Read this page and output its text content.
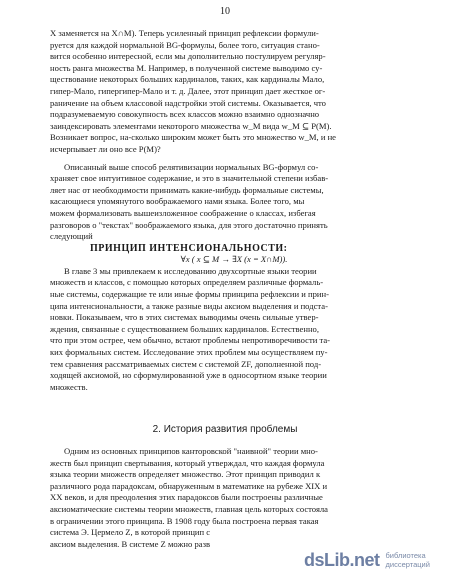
10

X заменяется на X∩M). Теперь усиленный принцип рефлексии формули-

руется для каждой нормальной BG-формулы, более того, ситуация стано-

вится особенно интересной, если мы дополнительно постулируем регуляр-

ность ранга множества M. Например, в полученной системе выводимо су-

ществование некоторых больших кардиналов, таких, как кардиналы Мало,

гипер-Мало, гипергипер-Мало и т. д. Далее, этот принцип дает жесткое ог-

раничение на объем классовой надстройки этой системы. Оказывается, что

подразумеваемую совокупность всех классов можно взаимно однозначно

заиндексировать элементами некоторого множества w_M вида w_M ⊆ P(M).

Возникает вопрос, на-сколько широким может быть это множество w_M, и не

исчерпывает ли оно все P(M)?

Описанный выше способ релятивизации нормальных BG-формул со-

храняет свое интуитивное содержание, и это в значительной степени избав-

ляет нас от необходимости принимать какие-нибудь формальные системы,

касающиеся упомянутого воображаемого нами языка. Более того, мы

можем формализовать вышеизложенное соображение о классах, избегая

разговоров о "текстах" воображаемого языка, для этого достаточно принять

следующий

ПРИНЦИП ИНТЕНСИОНАЛЬНОСТИ:

∀x ( x ⊆ M → ∃X (x = X∩M)).

В главе 3 мы привлекаем к исследованию двухсортные языки теории

множеств и классов, с помощью которых определяем различные формаль-

ные системы, содержащие те или иные формы принципа рефлексии и прин-

ципа интенсиональности, а также разные виды аксиом выделения и подста-

новки. Показываем, что в этих системах выводимы очень сильные утвер-

ждения, связанные с существованием больших кардиналов. Естественно,

что при этом острее, чем обычно, встают проблемы непротиворечивости та-

ких формальных систем. Исследование этих проблем мы осуществляем пу-

тем сравнения рассматриваемых систем с системой ZF, дополненной под-

ходящей аксиомой, но сформулированной уже в односортном языке теории

множеств.

2. История развития проблемы

Одним из основных принципов канторовской "наивной" теории мно-

жеств был принцип свертывания, который утверждал, что каждая формула

языка теории множеств определяет множество. Этот принцип приводил к

различного рода парадоксам, обнаруженным в математике на рубеже XIX и

XX веков, и для преодоления этих парадоксов были построены различные

аксиоматические системы теории множеств, главная цель которых состояла

в ограничении этого принципа. В 1908 году была построена первая такая

система Э. Цермело Z, в которой принцип с

аксиом выделения. В системе Z можно разв

dsLib.net библиотека диссертаций
